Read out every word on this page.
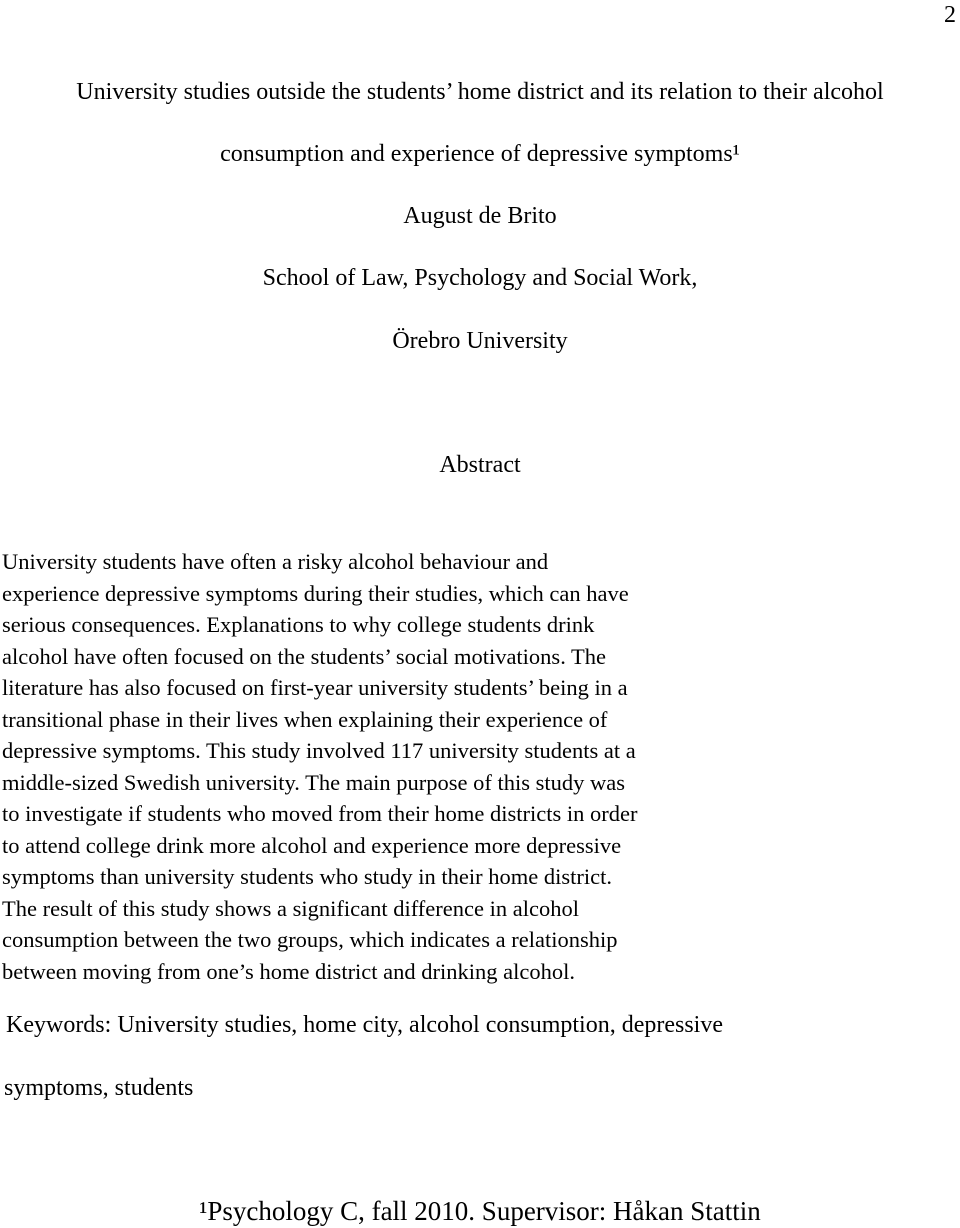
2
University studies outside the students’ home district and its relation to their alcohol
consumption and experience of depressive symptoms¹
August de Brito
School of Law, Psychology and Social Work,
Örebro University
Abstract
University students have often a risky alcohol behaviour and
experience depressive symptoms during their studies, which can have
serious consequences. Explanations to why college students drink
alcohol have often focused on the students’ social motivations. The
literature has also focused on first-year university students’ being in a
transitional phase in their lives when explaining their experience of
depressive symptoms. This study involved 117 university students at a
middle-sized Swedish university. The main purpose of this study was
to investigate if students who moved from their home districts in order
to attend college drink more alcohol and experience more depressive
symptoms than university students who study in their home district.
The result of this study shows a significant difference in alcohol
consumption between the two groups, which indicates a relationship
between moving from one’s home district and drinking alcohol.
Keywords: University studies, home city, alcohol consumption, depressive
symptoms, students
¹Psychology C, fall 2010. Supervisor: Håkan Stattin
